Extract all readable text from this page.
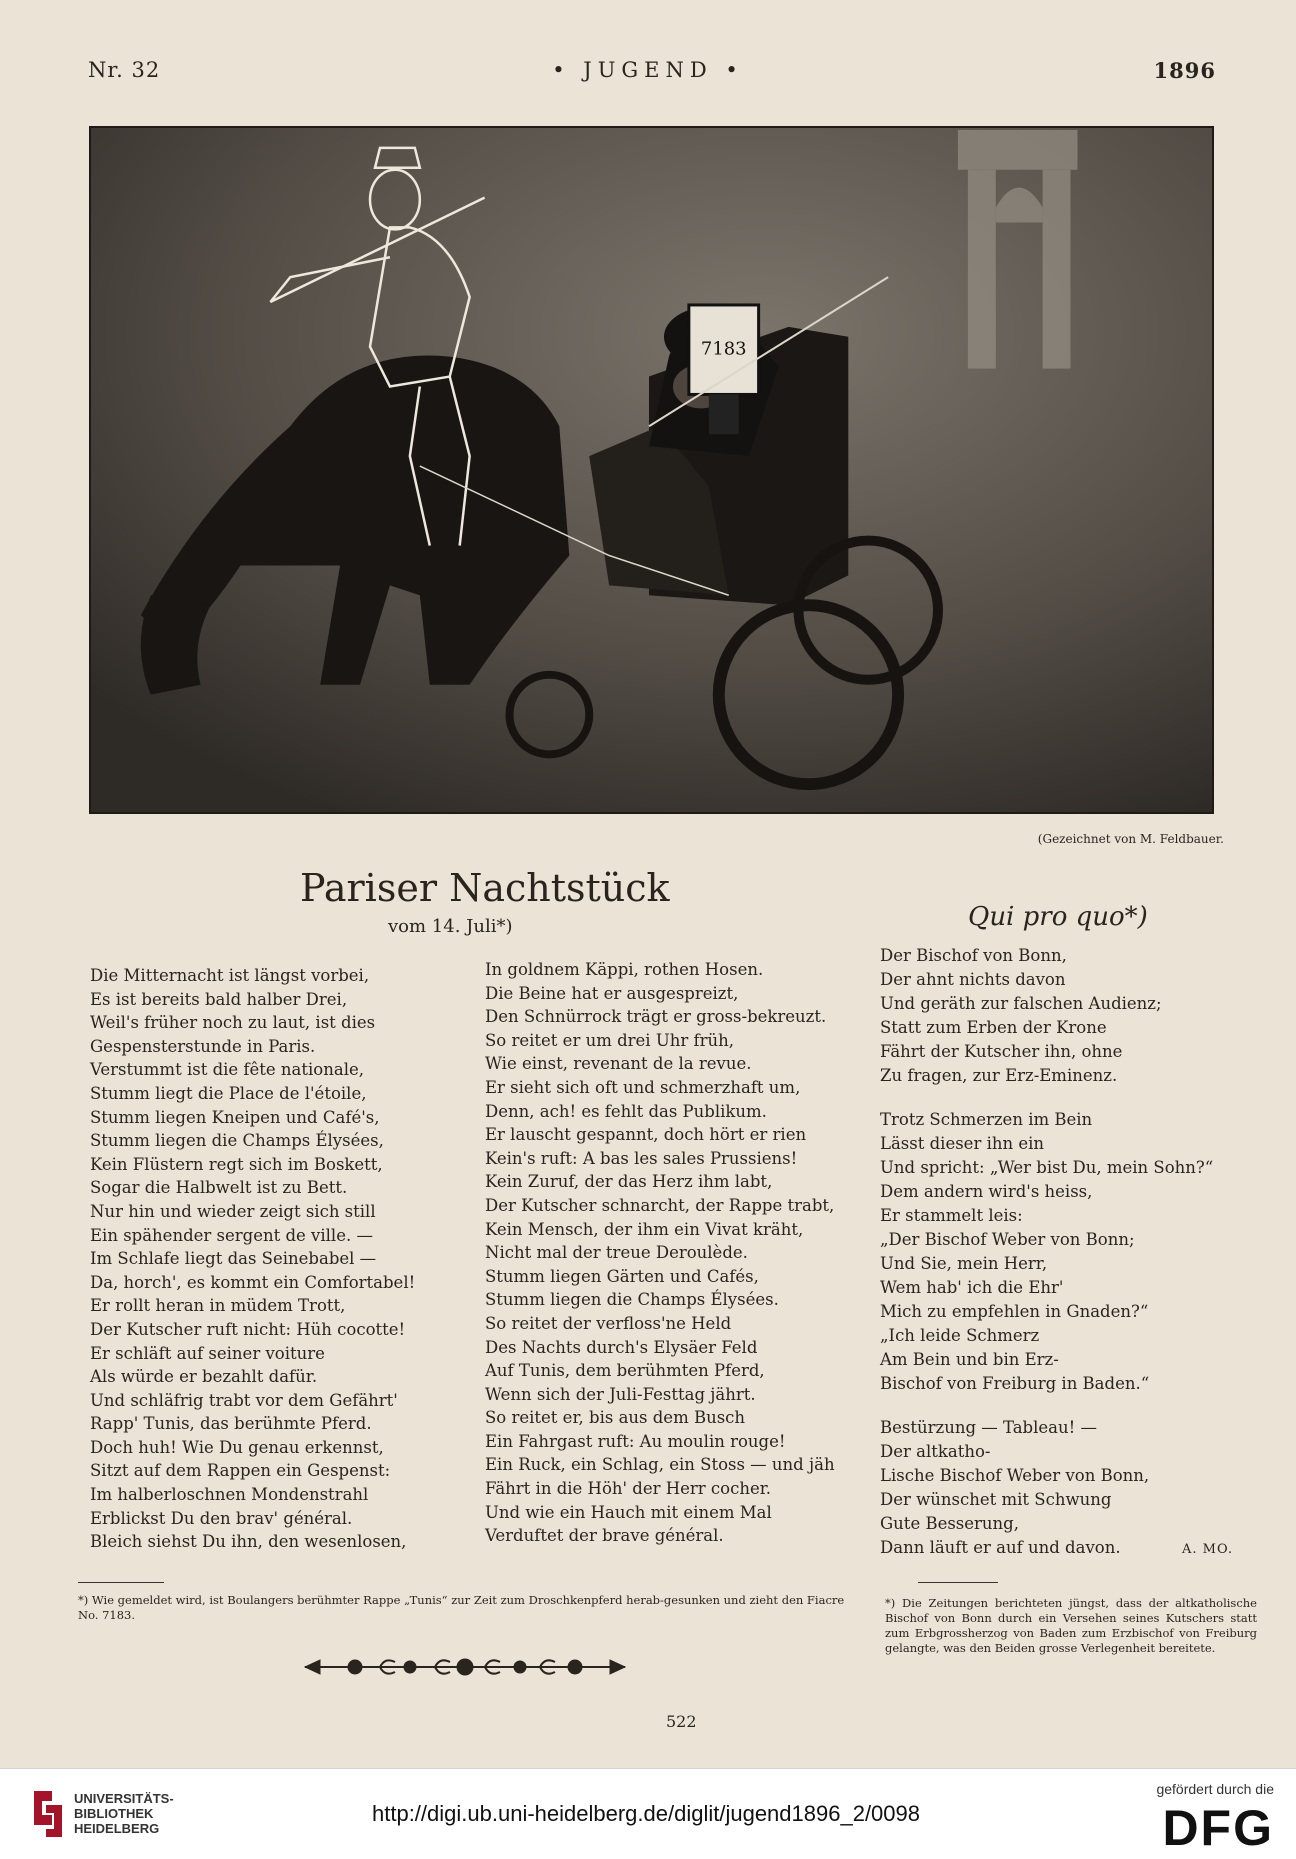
Nr. 32	• JUGEND •	1896
7183
(Gezeichnet von M. Feldbauer.
Pariser Nachtstück
vom 14. Juli*)	Qui pro quo*)
Die Mitternacht ist längst vorbei,
Es ist bereits bald halber Drei,
Weil's früher noch zu laut, ist dies
Gespensterstunde in Paris.
Verstummt ist die fête nationale,
Stumm liegt die Place de l'étoile,
Stumm liegen Kneipen und Café's,
Stumm liegen die Champs Élysées,
Kein Flüstern regt sich im Boskett,
Sogar die Halbwelt ist zu Bett.
Nur hin und wieder zeigt sich still
Ein spähender sergent de ville. —
Im Schlafe liegt das Seinebabel —
Da, horch', es kommt ein Comfortabel!
Er rollt heran in müdem Trott,
Der Kutscher ruft nicht: Hüh cocotte!
Er schläft auf seiner voiture
Als würde er bezahlt dafür.
Und schläfrig trabt vor dem Gefährt'
Rapp' Tunis, das berühmte Pferd.
Doch huh! Wie Du genau erkennst,
Sitzt auf dem Rappen ein Gespenst:
Im halberloschnen Mondenstrahl
Erblickst Du den brav' général.
Bleich siehst Du ihn, den wesenlosen,
In goldnem Käppi, rothen Hosen.
Die Beine hat er ausgespreizt,
Den Schnürrock trägt er gross-bekreuzt.
So reitet er um drei Uhr früh,
Wie einst, revenant de la revue.
Er sieht sich oft und schmerzhaft um,
Denn, ach! es fehlt das Publikum.
Er lauscht gespannt, doch hört er rien
Kein's ruft: A bas les sales Prussiens!
Kein Zuruf, der das Herz ihm labt,
Der Kutscher schnarcht, der Rappe trabt,
Kein Mensch, der ihm ein Vivat kräht,
Nicht mal der treue Deroulède.
Stumm liegen Gärten und Cafés,
Stumm liegen die Champs Élysées.
So reitet der verfloss'ne Held
Des Nachts durch's Elysäer Feld
Auf Tunis, dem berühmten Pferd,
Wenn sich der Juli-Festtag jährt.
So reitet er, bis aus dem Busch
Ein Fahrgast ruft: Au moulin rouge!
Ein Ruck, ein Schlag, ein Stoss — und jäh
Fährt in die Höh' der Herr cocher.
Und wie ein Hauch mit einem Mal
Verduftet der brave général.
Der Bischof von Bonn,
Der ahnt nichts davon
Und geräth zur falschen Audienz;
Statt zum Erben der Krone
Fährt der Kutscher ihn, ohne
Zu fragen, zur Erz-Eminenz.
Trotz Schmerzen im Bein
Lässt dieser ihn ein
Und spricht: „Wer bist Du, mein Sohn?“
Dem andern wird's heiss,
Er stammelt leis:
„Der Bischof Weber von Bonn;
Und Sie, mein Herr,
Wem hab' ich die Ehr'
Mich zu empfehlen in Gnaden?“
„Ich leide Schmerz
Am Bein und bin Erz-
Bischof von Freiburg in Baden.“
Bestürzung — Tableau! —
Der altkatho-
Lische Bischof Weber von Bonn,
Der wünschet mit Schwung
Gute Besserung,
Dann läuft er auf und davon.	A. MO.
*) Wie gemeldet wird, ist Boulangers berühmter Rappe „Tunis“ zur Zeit zum Droschkenpferd herab-gesunken und zieht den Fiacre No. 7183.
*) Die Zeitungen berichteten jüngst, dass der altkatholische Bischof von Bonn durch ein Versehen seines Kutschers statt zum Erbgrossherzog von Baden zum Erzbischof von Freiburg gelangte, was den Beiden grosse Verlegenheit bereitete.
522
UNIVERSITÄTS-
BIBLIOTHEK
HEIDELBERG
http://digi.ub.uni-heidelberg.de/diglit/jugend1896_2/0098
gefördert durch die
DFG
